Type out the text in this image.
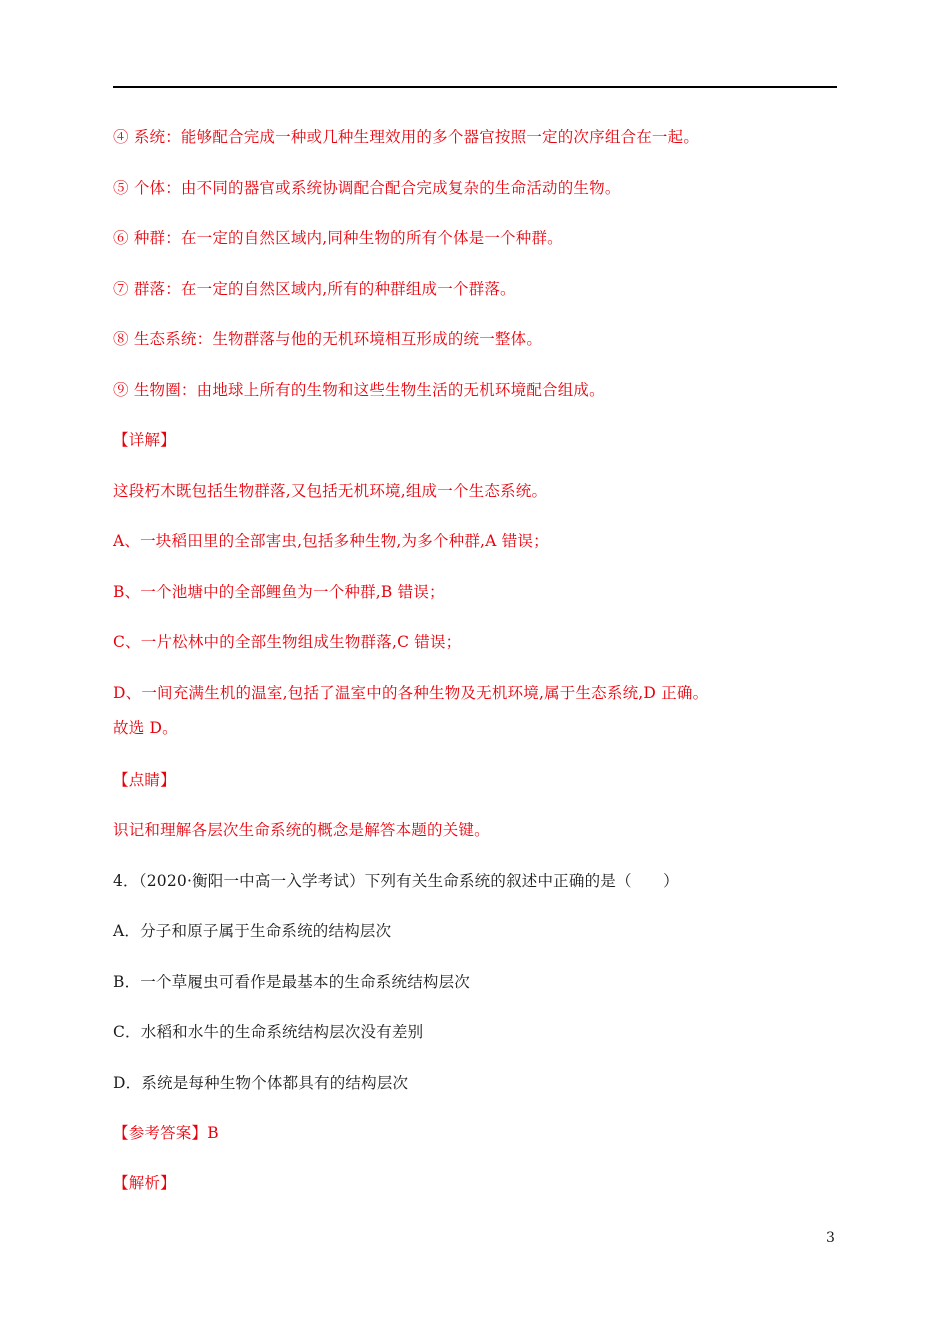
④ 系统：能够配合完成一种或几种生理效用的多个器官按照一定的次序组合在一起。
⑤ 个体：由不同的器官或系统协调配合配合完成复杂的生命活动的生物。
⑥ 种群：在一定的自然区域内,同种生物的所有个体是一个种群。
⑦ 群落：在一定的自然区域内,所有的种群组成一个群落。
⑧ 生态系统：生物群落与他的无机环境相互形成的统一整体。
⑨ 生物圈：由地球上所有的生物和这些生物生活的无机环境配合组成。
【详解】
这段朽木既包括生物群落,又包括无机环境,组成一个生态系统。
A、一块稻田里的全部害虫,包括多种生物,为多个种群,A 错误；
B、一个池塘中的全部鲤鱼为一个种群,B 错误；
C、一片松林中的全部生物组成生物群落,C 错误；
D、一间充满生机的温室,包括了温室中的各种生物及无机环境,属于生态系统,D 正确。
故选 D。
【点睛】
识记和理解各层次生命系统的概念是解答本题的关键。
4．（2020·衡阳一中高一入学考试）下列有关生命系统的叙述中正确的是（　　）
A．分子和原子属于生命系统的结构层次
B．一个草履虫可看作是最基本的生命系统结构层次
C．水稻和水牛的生命系统结构层次没有差别
D．系统是每种生物个体都具有的结构层次
【参考答案】B
【解析】
3
